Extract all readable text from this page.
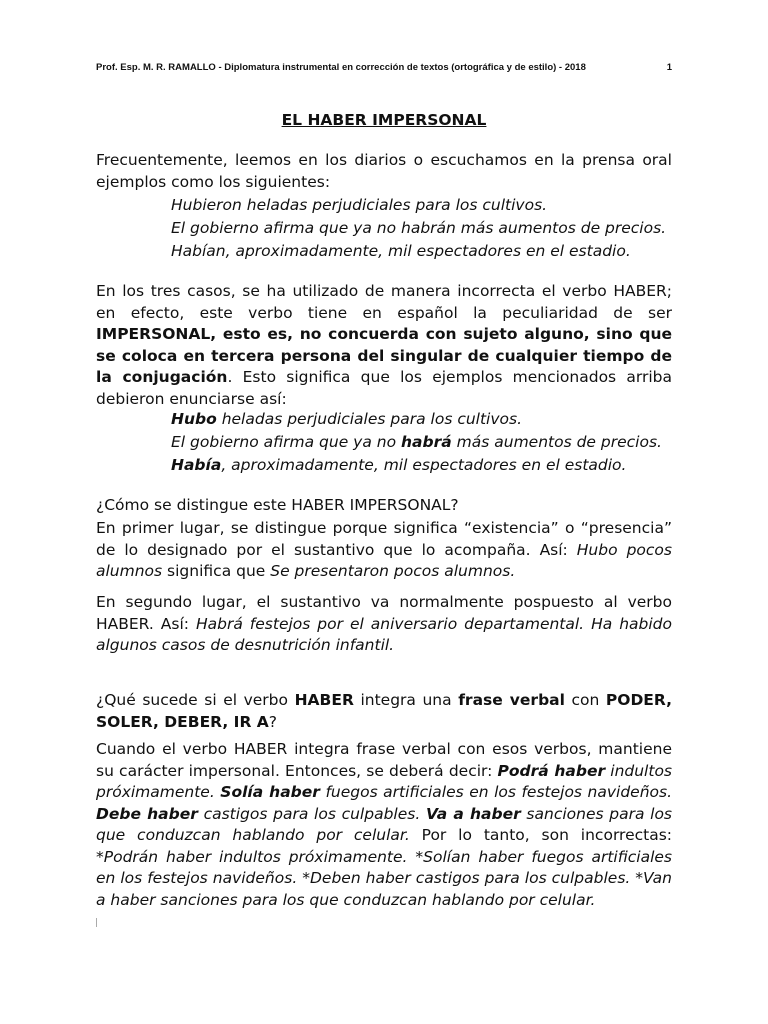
Prof. Esp. M. R. RAMALLO - Diplomatura instrumental en corrección de textos (ortográfica y de estilo) - 2018	1
EL HABER IMPERSONAL
Frecuentemente, leemos en los diarios o escuchamos en la prensa oral ejemplos como los siguientes:
Hubieron heladas perjudiciales para los cultivos.
El gobierno afirma que ya no habrán más aumentos de precios.
Habían, aproximadamente, mil espectadores en el estadio.
En los tres casos, se ha utilizado de manera incorrecta el verbo HABER; en efecto, este verbo tiene en español la peculiaridad de ser IMPERSONAL, esto es, no concuerda con sujeto alguno, sino que se coloca en tercera persona del singular de cualquier tiempo de la conjugación. Esto significa que los ejemplos mencionados arriba debieron enunciarse así:
Hubo heladas perjudiciales para los cultivos.
El gobierno afirma que ya no habrá más aumentos de precios.
Había, aproximadamente, mil espectadores en el estadio.
¿Cómo se distingue este HABER IMPERSONAL?
En primer lugar, se distingue porque significa “existencia” o “presencia” de lo designado por el sustantivo que lo acompaña. Así: Hubo pocos alumnos significa que Se presentaron pocos alumnos.
En segundo lugar, el sustantivo va normalmente pospuesto al verbo HABER. Así: Habrá festejos por el aniversario departamental. Ha habido algunos casos de desnutrición infantil.
¿Qué sucede si el verbo HABER integra una frase verbal con PODER, SOLER, DEBER, IR A?
Cuando el verbo HABER integra frase verbal con esos verbos, mantiene su carácter impersonal. Entonces, se deberá decir: Podrá haber indultos próximamente. Solía haber fuegos artificiales en los festejos navideños. Debe haber castigos para los culpables. Va a haber sanciones para los que conduzcan hablando por celular. Por lo tanto, son incorrectas: *Podrán haber indultos próximamente. *Solían haber fuegos artificiales en los festejos navideños. *Deben haber castigos para los culpables. *Van a haber sanciones para los que conduzcan hablando por celular.
